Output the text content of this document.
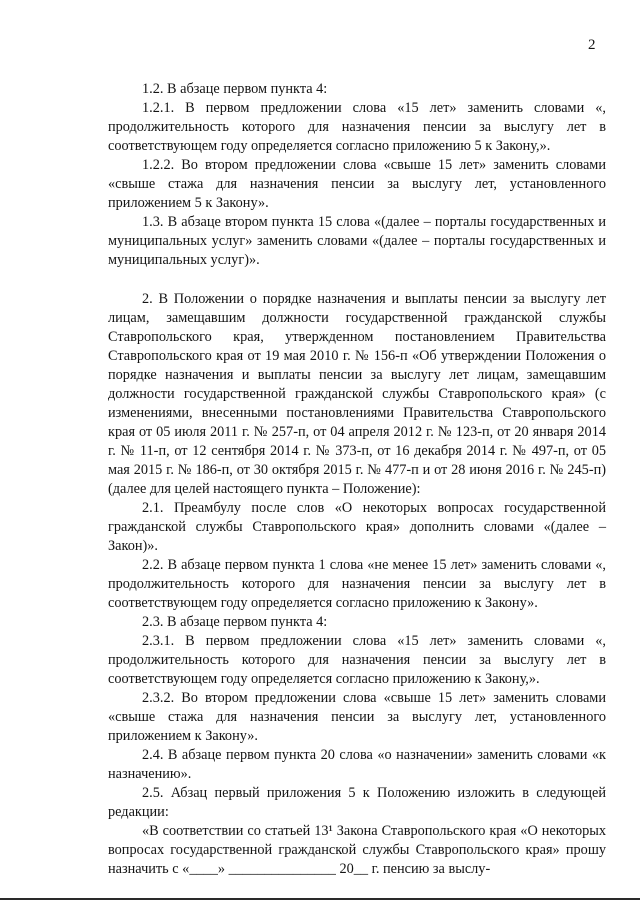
2

1.2. В абзаце первом пункта 4:

1.2.1. В первом предложении слова «15 лет» заменить словами «, продолжительность которого для назначения пенсии за выслугу лет в соответствующем году определяется согласно приложению 5 к Закону,».

1.2.2. Во втором предложении слова «свыше 15 лет» заменить словами «свыше стажа для назначения пенсии за выслугу лет, установленного приложением 5 к Закону».

1.3. В абзаце втором пункта 15 слова «(далее – порталы государственных и муниципальных услуг» заменить словами «(далее – порталы государственных и муниципальных услуг)».

2. В Положении о порядке назначения и выплаты пенсии за выслугу лет лицам, замещавшим должности государственной гражданской службы Ставропольского края, утвержденном постановлением Правительства Ставропольского края от 19 мая 2010 г. № 156-п «Об утверждении Положения о порядке назначения и выплаты пенсии за выслугу лет лицам, замещавшим должности государственной гражданской службы Ставропольского края» (с изменениями, внесенными постановлениями Правительства Ставропольского края от 05 июля 2011 г. № 257-п, от 04 апреля 2012 г. № 123-п, от 20 января 2014 г. № 11-п, от 12 сентября 2014 г. № 373-п, от 16 декабря 2014 г. № 497-п, от 05 мая 2015 г. № 186-п, от 30 октября 2015 г. № 477-п и от 28 июня 2016 г. № 245-п) (далее для целей настоящего пункта – Положение):

2.1. Преамбулу после слов «О некоторых вопросах государственной гражданской службы Ставропольского края» дополнить словами «(далее – Закон)».

2.2. В абзаце первом пункта 1 слова «не менее 15 лет» заменить словами «, продолжительность которого для назначения пенсии за выслугу лет в соответствующем году определяется согласно приложению к Закону».

2.3. В абзаце первом пункта 4:

2.3.1. В первом предложении слова «15 лет» заменить словами «, продолжительность которого для назначения пенсии за выслугу лет в соответствующем году определяется согласно приложению к Закону,».

2.3.2. Во втором предложении слова «свыше 15 лет» заменить словами «свыше стажа для назначения пенсии за выслугу лет, установленного приложением к Закону».

2.4. В абзаце первом пункта 20 слова «о назначении» заменить словами «к назначению».

2.5. Абзац первый приложения 5 к Положению изложить в следующей редакции:

«В соответствии со статьей 13¹ Закона Ставропольского края «О некоторых вопросах государственной гражданской службы Ставропольского края» прошу назначить с «____» _______________ 20__ г. пенсию за выслу-
